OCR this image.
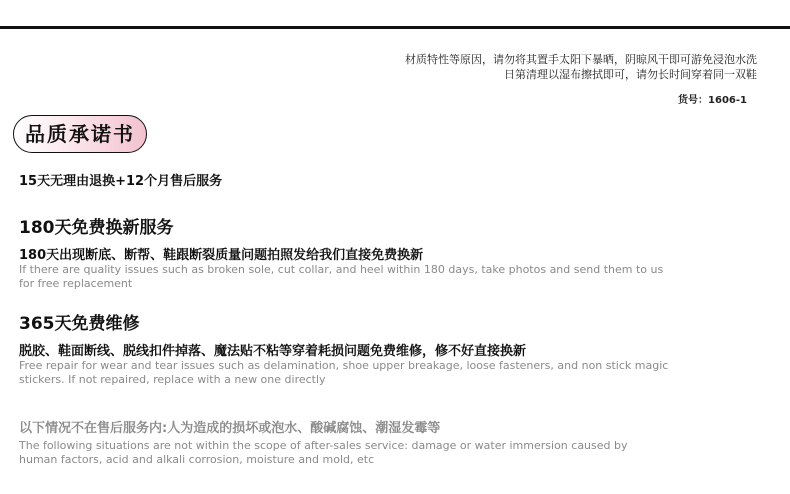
材质特性等原因，请勿将其置手太阳下暴晒，阴晾风干即可游免浸泡水洗
日第清理以湿布擦拭即可，请勿长时间穿着同一双鞋
货号：1606-1
品质承诺书
15天无理由退换+12个月售后服务
180天免费换新服务
180天出现断底、断帮、鞋跟断裂质量问题拍照发给我们直接免费换新
If there are quality issues such as broken sole, cut collar, and heel within 180 days, take photos and send them to us for free replacement
365天免费维修
脱胶、鞋面断线、脱线扣件掉落、魔法贴不粘等穿着耗损问题免费维修，修不好直接换新
Free repair for wear and tear issues such as delamination, shoe upper breakage, loose fasteners, and non stick magic stickers. If not repaired, replace with a new one directly
以下情况不在售后服务内:人为造成的损坏或泡水、酸碱腐蚀、潮湿发霉等
The following situations are not within the scope of after-sales service: damage or water immersion caused by human factors, acid and alkali corrosion, moisture and mold, etc
